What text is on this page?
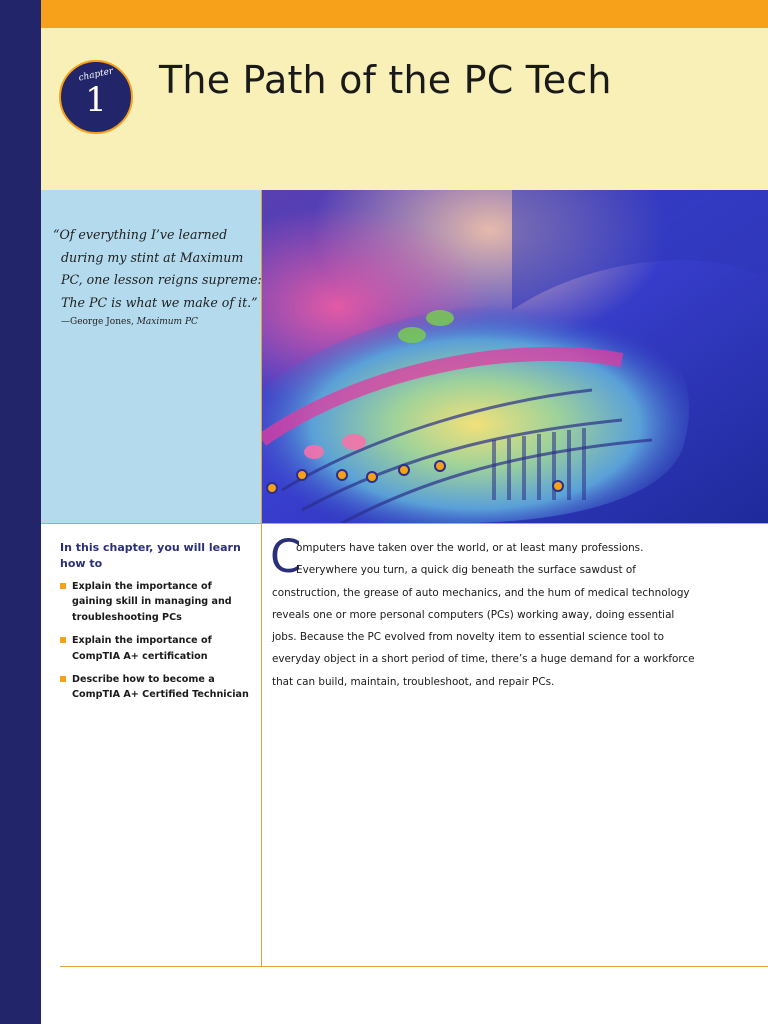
chapter
1	The Path of the PC Tech
“Of everything I’ve learned
during my stint at Maximum
PC, one lesson reigns supreme:
The PC is what we make of it.”
—George Jones, Maximum PC

In this chapter, you will learn how to

Explain the importance of gaining skill in managing and troubleshooting PCs
Explain the importance of CompTIA A+ certification
Describe how to become a CompTIA A+ Certified Technician
C
omputers have taken over the world, or at least many professions.
Everywhere you turn, a quick dig beneath the surface sawdust of
construction, the grease of auto mechanics, and the hum of medical technology
reveals one or more personal computers (PCs) working away, doing essential
jobs. Because the PC evolved from novelty item to essential science tool to
everyday object in a short period of time, there’s a huge demand for a workforce
that can build, maintain, troubleshoot, and repair PCs.
